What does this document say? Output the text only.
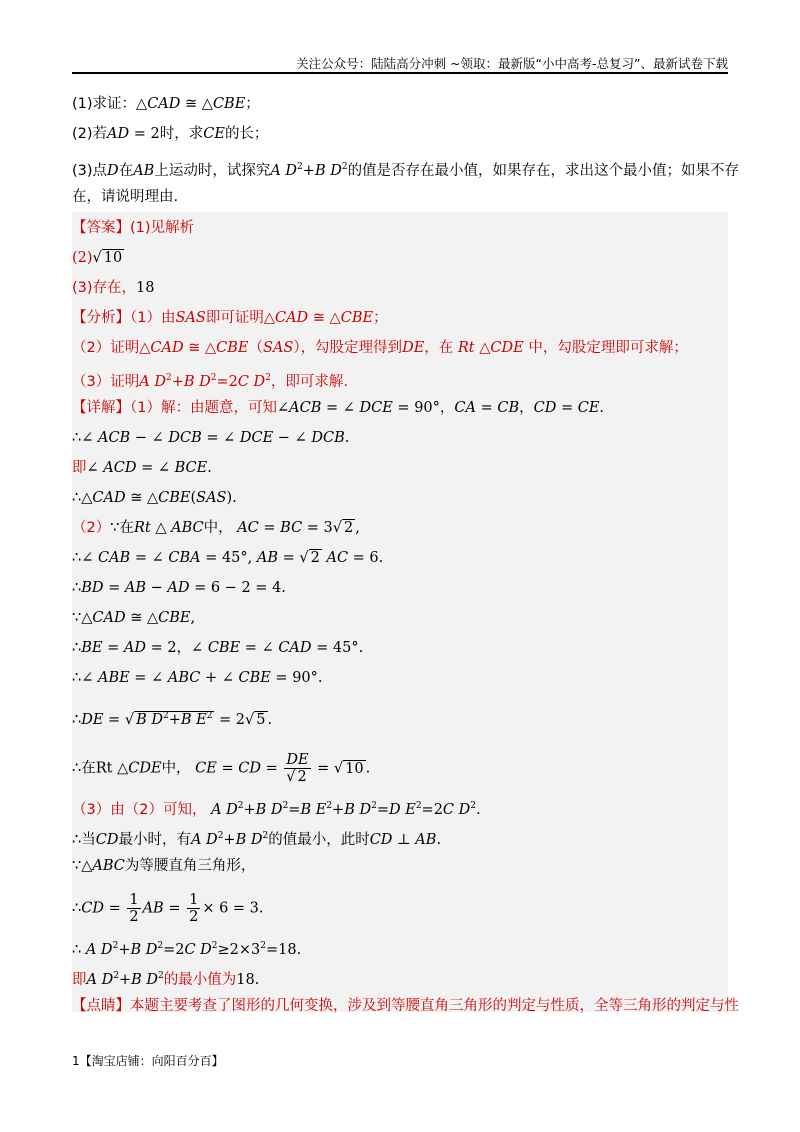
关注公众号：陆陆高分冲刺 ~领取：最新版“小中高考-总复习”、最新试卷下载
(1)求证：△CAD ≅ △CBE；
(2)若AD = 2时，求CE的长；
(3)点D在AB上运动时，试探究A $D^2+B$ $D^2$的值是否存在最小值，如果存在，求出这个最小值；如果不存
在，请说明理由.
【答案】(1)见解析
(2)√ 10
(3)存在，18
【分析】（1）由SAS即可证明△CAD ≅ △CBE；
（2）证明△CAD ≅ △CBE（SAS），勾股定理得到DE，在 Rt △CDE 中，勾股定理即可求解；
（3）证明A $D^2+B$ $D^2=2C$ $D^2$，即可求解.
【详解】（1）解：由题意，可知∠ACB = ∠ DCE = 90°，CA = CB，CD = CE.
∴∠ ACB − ∠ DCB = ∠ DCE − ∠ DCB.
即∠ ACD = ∠ BCE.
∴△CAD ≅ △CBE(SAS).
（2）∵在Rt △ ABC中， AC = BC = 3√ 2 ,
∴∠ CAB = ∠ CBA = 45°, AB = √ 2 AC = 6.
∴BD = AB − AD = 6 − 2 = 4.
∵△CAD ≅ △CBE,
∴BE = AD = 2，∠ CBE = ∠ CAD = 45°.
∴∠ ABE = ∠ ABC + ∠ CBE = 90°.
∴DE = √ B $D^2+B$ $E^2 = 2√$ 5 .
∴在Rt △CDE中， CE = CD = $\frac{DE}{√ 2}$ = √ 10 .
（3）由（2）可知， A $D^2+B$ $D^2=B$ $E^2+B$ $D^2=D$ $E^2=2C$ $D^2$.
∴当CD最小时，有A $D^2+B$ $D^2$的值最小，此时CD ⊥ AB.
∵△ABC为等腰直角三角形，
∴CD = $\frac{1}{2}$ AB = $\frac{1}{2} \times 6 = 3$.
∴ A $D^2+B$ $D^2=2C$ $D^2\ge 2\times 3^2=18$.
即A $D^2+B$ $D^2$的最小值为18.
【点睛】本题主要考查了图形的几何变换，涉及到等腰直角三角形的判定与性质，全等三角形的判定与性
1【淘宝店铺：向阳百分百】
